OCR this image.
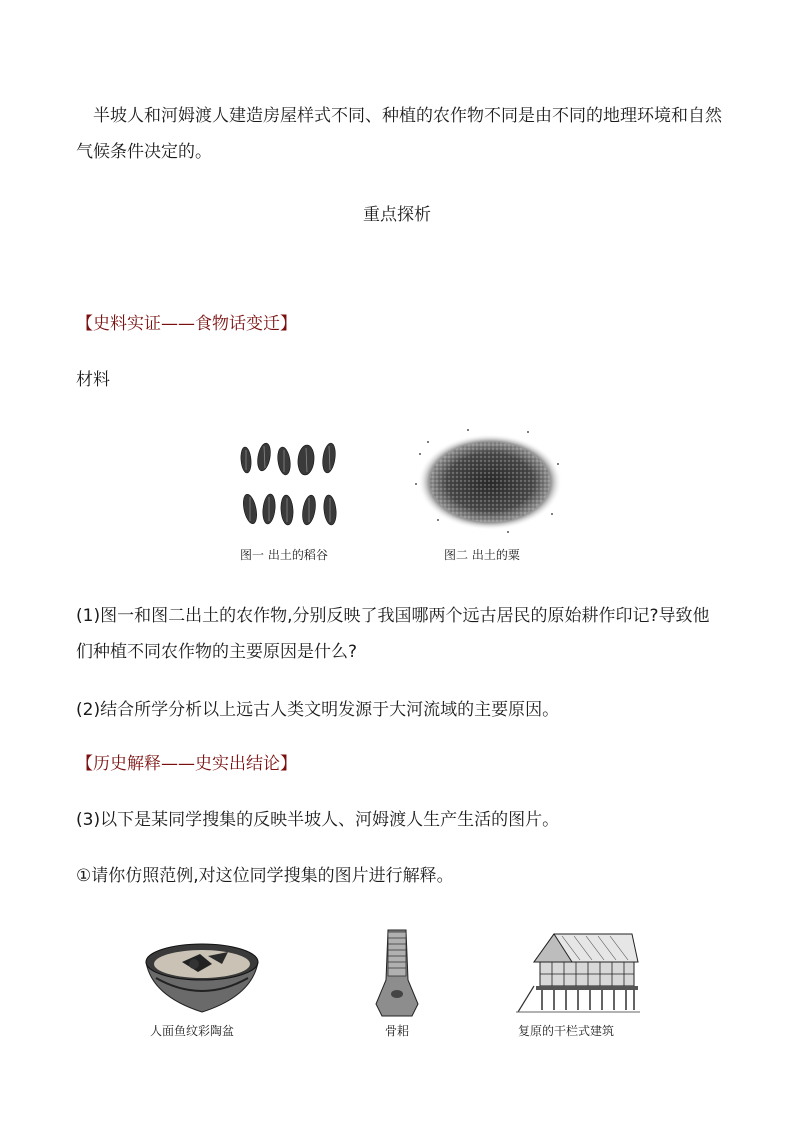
半坡人和河姆渡人建造房屋样式不同、种植的农作物不同是由不同的地理环境和自然气候条件决定的。

重点探析

【史料实证——食物话变迁】

材料

图一 出土的稻谷	图二 出土的粟

(1)图一和图二出土的农作物,分别反映了我国哪两个远古居民的原始耕作印记?导致他们种植不同农作物的主要原因是什么?

(2)结合所学分析以上远古人类文明发源于大河流域的主要原因。

【历史解释——史实出结论】

(3)以下是某同学搜集的反映半坡人、河姆渡人生产生活的图片。

①请你仿照范例,对这位同学搜集的图片进行解释。

人面鱼纹彩陶盆	骨耜	复原的干栏式建筑
